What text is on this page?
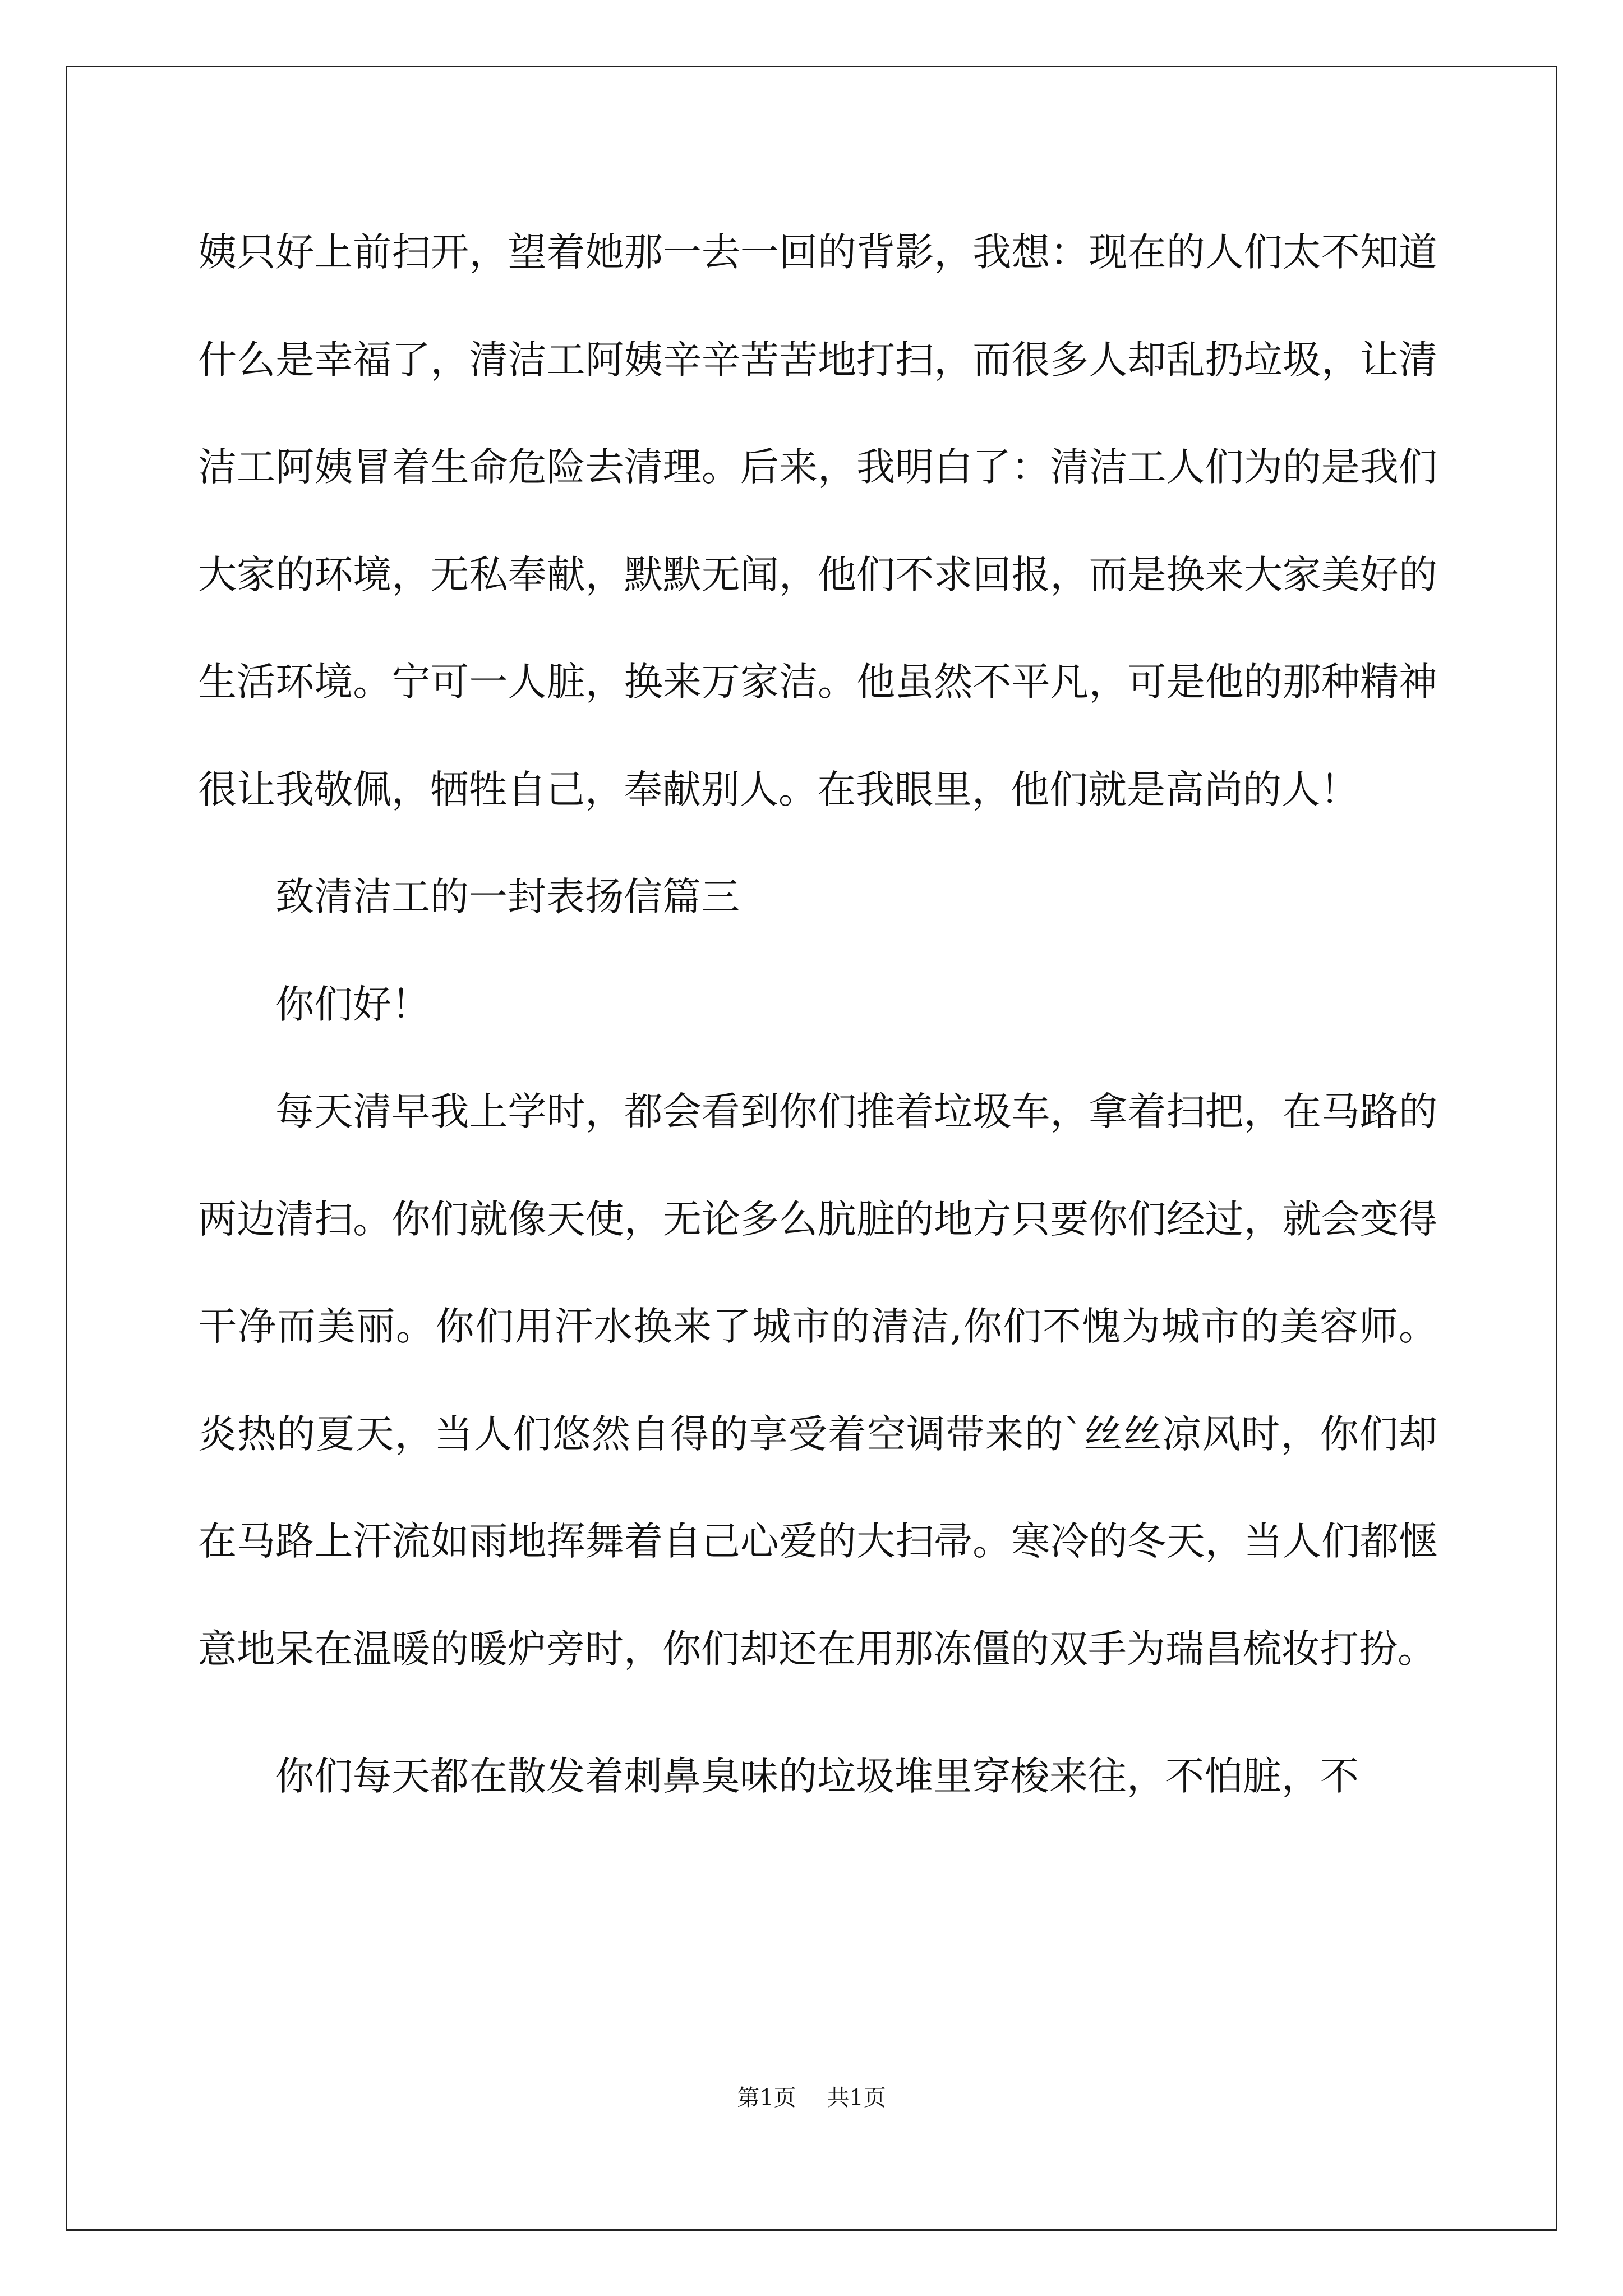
姨只好上前扫开，望着她那一去一回的背影，我想：现在的人们太不知道什么是幸福了，清洁工阿姨辛辛苦苦地打扫，而很多人却乱扔垃圾，让清洁工阿姨冒着生命危险去清理。后来，我明白了：清洁工人们为的是我们大家的环境，无私奉献，默默无闻，他们不求回报，而是换来大家美好的生活环境。宁可一人脏，换来万家洁。他虽然不平凡，可是他的那种精神很让我敬佩，牺牲自己，奉献别人。在我眼里，他们就是高尚的人！

致清洁工的一封表扬信篇三

你们好！

每天清早我上学时，都会看到你们推着垃圾车，拿着扫把，在马路的两边清扫。你们就像天使，无论多么肮脏的地方只要你们经过，就会变得干净而美丽。你们用汗水换来了城市的清洁,你们不愧为城市的美容师。炎热的夏天，当人们悠然自得的享受着空调带来的`丝丝凉风时，你们却在马路上汗流如雨地挥舞着自己心爱的大扫帚。寒冷的冬天，当人们都惬意地呆在温暖的暖炉旁时，你们却还在用那冻僵的双手为瑞昌梳妆打扮。

你们每天都在散发着刺鼻臭味的垃圾堆里穿梭来往，不怕脏，不

第1页 共1页
